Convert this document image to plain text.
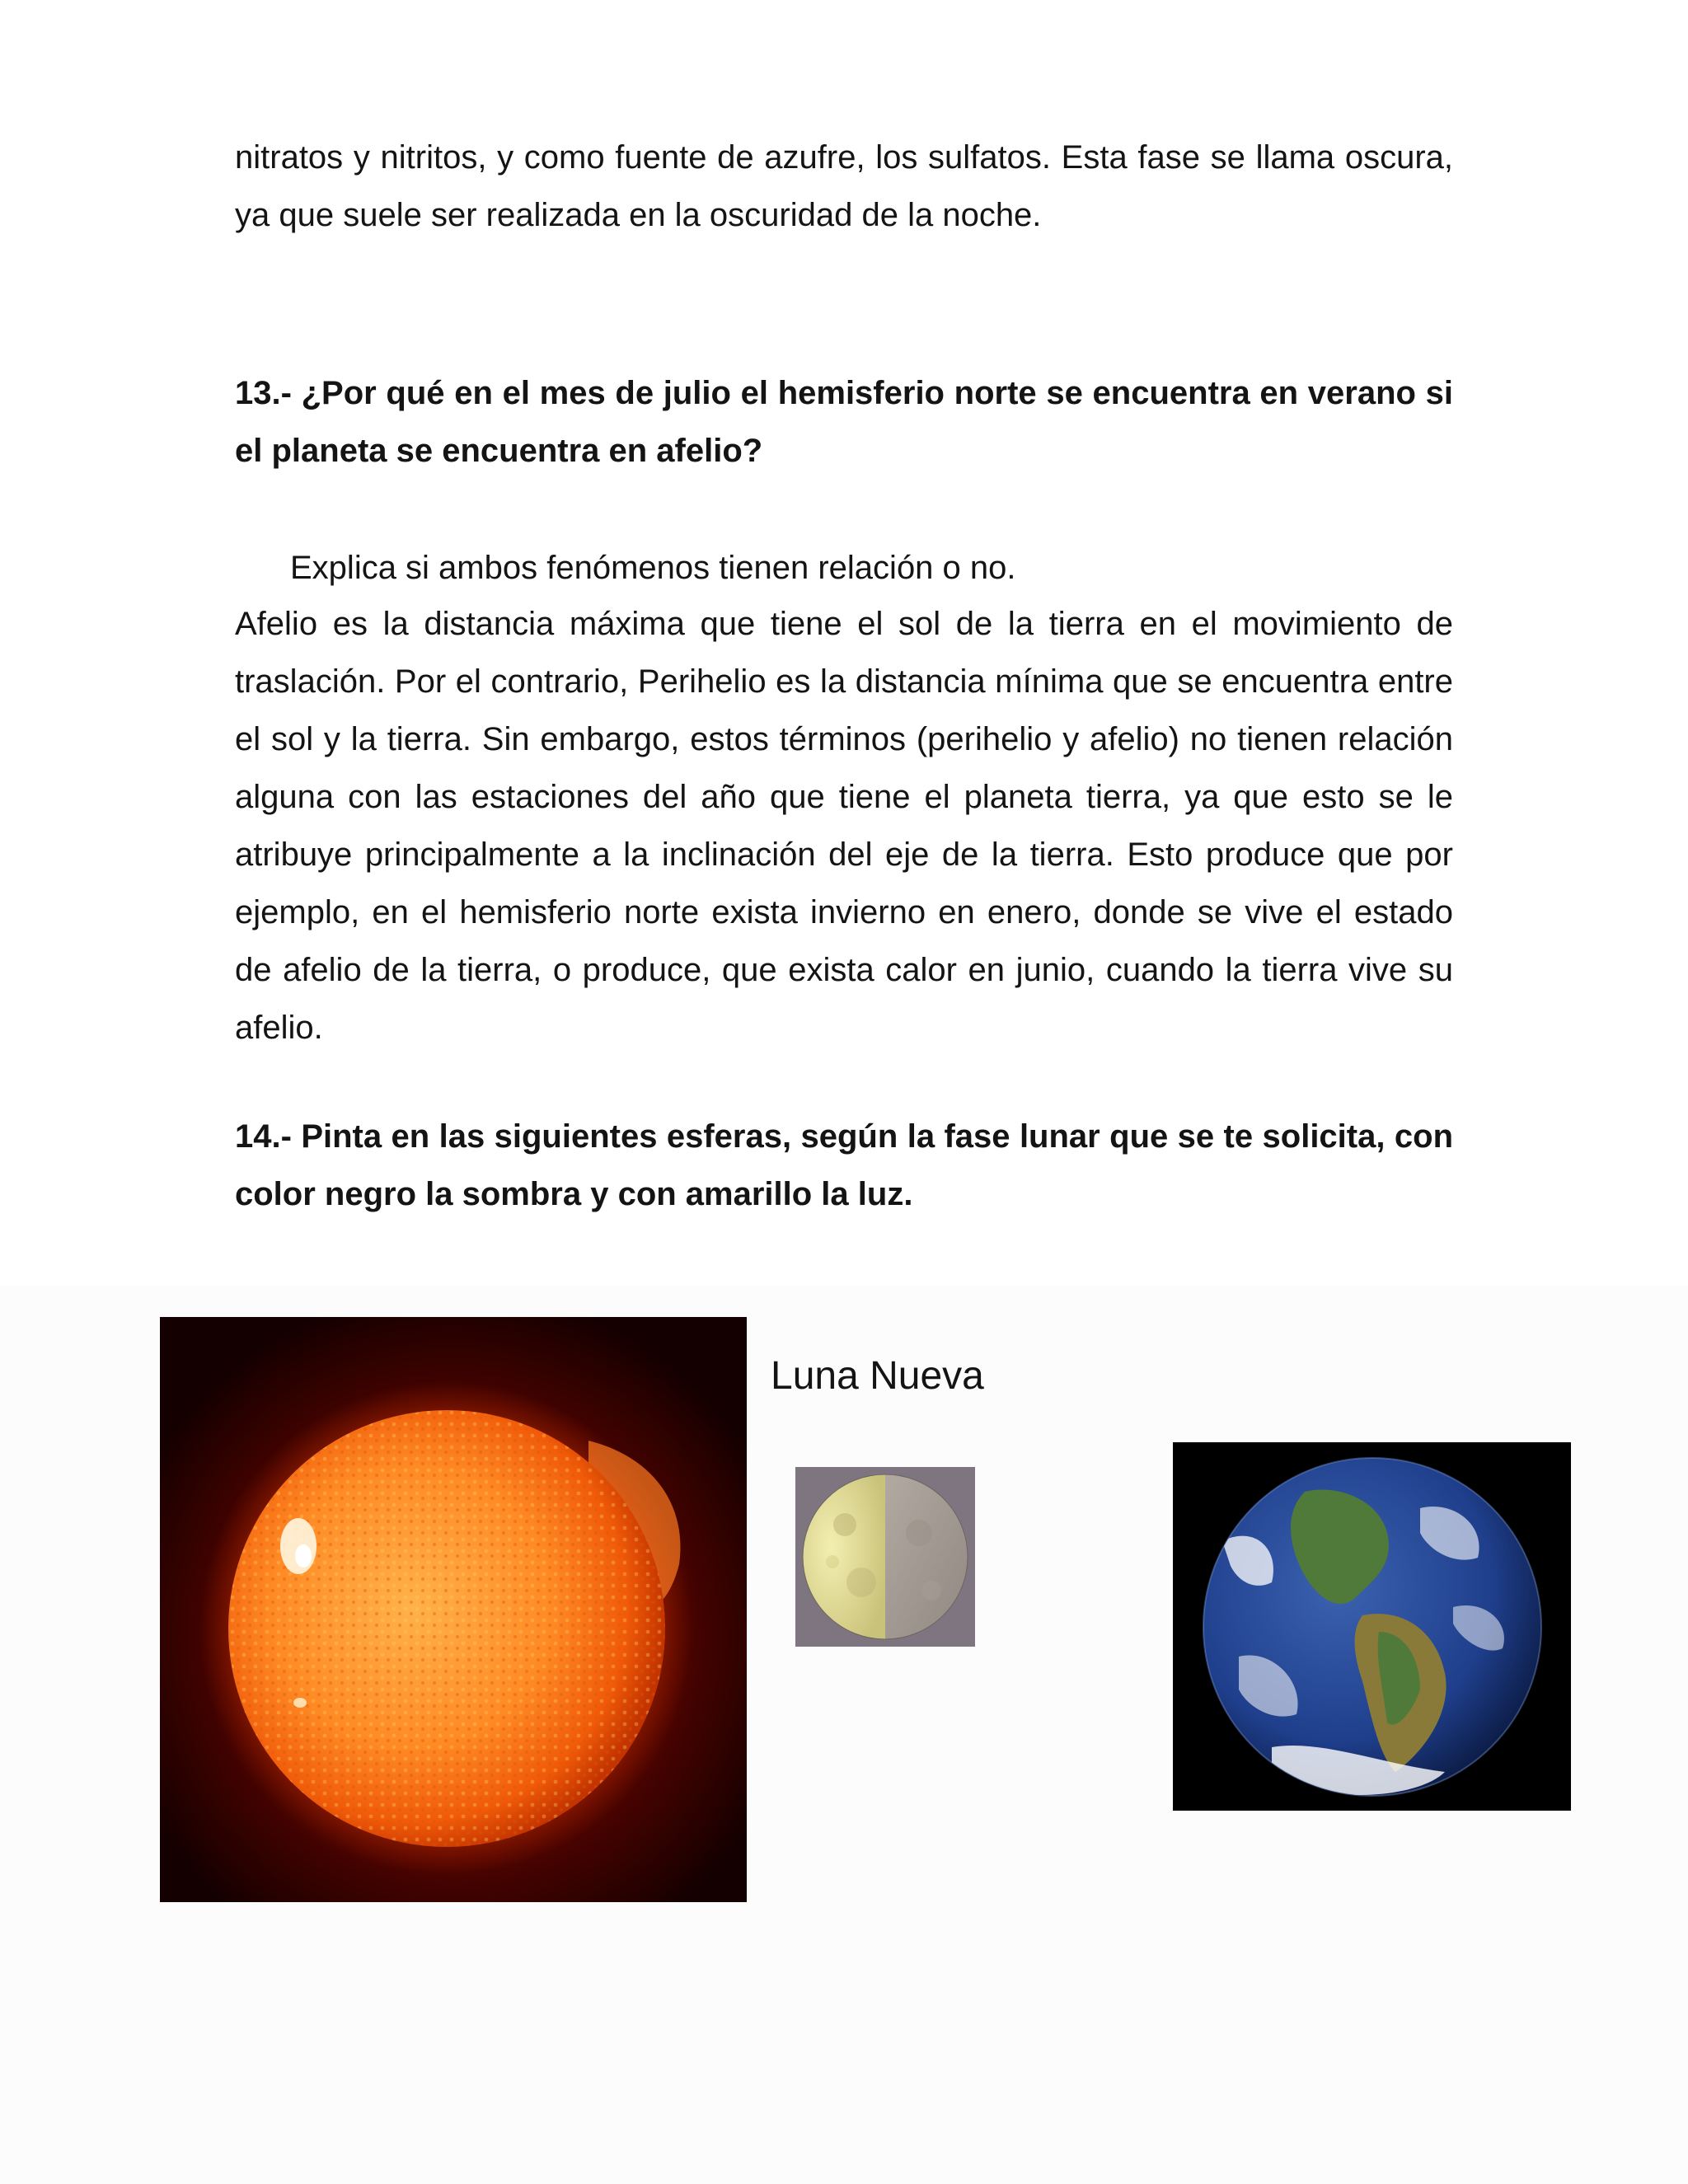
nitratos y nitritos, y como fuente de azufre, los sulfatos. Esta fase se llama oscura, ya que suele ser realizada en la oscuridad de la noche.

13.- ¿Por qué en el mes de julio el hemisferio norte se encuentra en verano si el planeta se encuentra en afelio?

Explica si ambos fenómenos tienen relación o no.

Afelio es la distancia máxima que tiene el sol de la tierra en el movimiento de traslación. Por el contrario, Perihelio es la distancia mínima que se encuentra entre el sol y la tierra. Sin embargo, estos términos (perihelio y afelio) no tienen relación alguna con las estaciones del año que tiene el planeta tierra, ya que esto se le atribuye principalmente a la inclinación del eje de la tierra. Esto produce que por ejemplo, en el hemisferio norte exista invierno en enero, donde se vive el estado de afelio de la tierra, o produce, que exista calor en junio, cuando la tierra vive su afelio.

14.- Pinta en las siguientes esferas, según la fase lunar que se te solicita, con color negro la sombra y con amarillo la luz.

Luna Nueva
